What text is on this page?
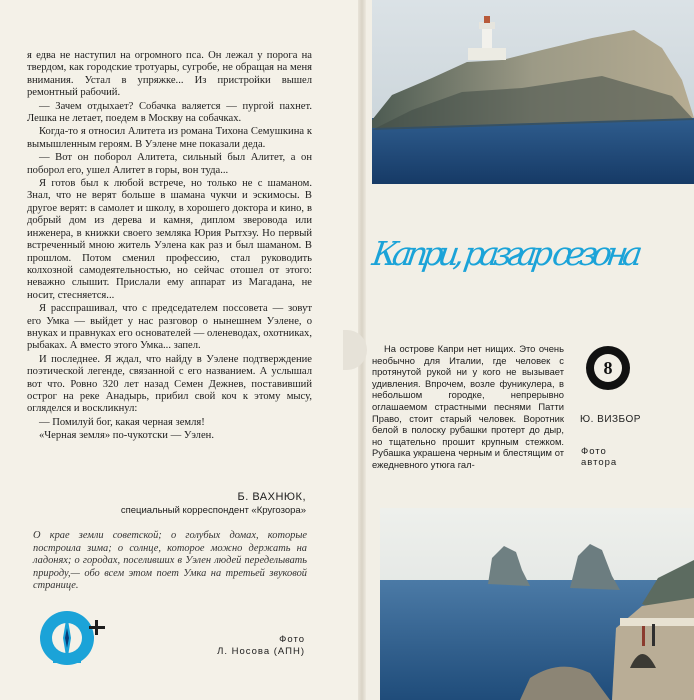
я едва не наступил на огромного пса. Он лежал у порога на твердом, как городские тротуары, сугробе, не обращая на меня внимания. Устал в упряжке... Из пристройки вышел ремонтный рабочий.

— Зачем отдыхает? Собачка валяется — пургой пахнет. Лешка не летает, поедем в Москву на собачках.

Когда-то я относил Алитета из романа Тихона Семушкина к вымышленным героям. В Уэлене мне показали деда.

— Вот он поборол Алитета, сильный был Алитет, а он поборол его, ушел Алитет в горы, вон туда...

Я готов был к любой встрече, но только не с шаманом. Знал, что не верят больше в шамана чукчи и эскимосы. В другое верят: в самолет и школу, в хорошего доктора и кино, в добрый дом из дерева и камня, диплом зверовода или инженера, в книжки своего земляка Юрия Рытхэу. Но первый встреченный мною житель Уэлена как раз и был шаманом. В прошлом. Потом сменил профессию, стал руководить колхозной самодеятельностью, но сейчас отошел от этого: неважно слышит. Прислали ему аппарат из Магадана, не носит, стесняется...

Я расспрашивал, что с председателем поссовета — зовут его Умка — выйдет у нас разговор о нынешнем Уэлене, о внуках и правнуках его основателей — оленеводах, охотниках, рыбаках. А вместо этого Умка... запел.

И последнее. Я ждал, что найду в Уэлене подтверждение поэтической легенде, связанной с его названием. А услышал вот что. Ровно 320 лет назад Семен Дежнев, поставивший острог на реке Анадырь, прибил свой коч к этому мысу, огляделся и воскликнул:

— Помилуй бог, какая черная земля!

«Черная земля» по-чукотски — Уэлен.

Б. ВАХНЮК,
специальный корреспондент «Кругозора»
О крае земли советской; о голубых домах, которые построила зима; о солнце, которое можно держать на ладонях; о городах, поселивших в Уэлен людей переделывать природу,— обо всем этом поет Умка на третьей звуковой странице.
Фото
Л. Носова (АПН)
Капри, разгар сезона

На острове Капри нет нищих. Это очень необычно для Италии, где человек с протянутой рукой ни у кого не вызывает удивления. Впрочем, возле фуникулера, в небольшом городке, непрерывно оглашаемом страстными песнями Патти Право, стоит старый человек. Воротник белой в полоску рубашки протерт до дыр, но тщательно прошит крупным стежком. Рубашка украшена черным и блестящим от ежедневного утюга гал-

8
Ю. ВИЗБОР
Фото
автора
